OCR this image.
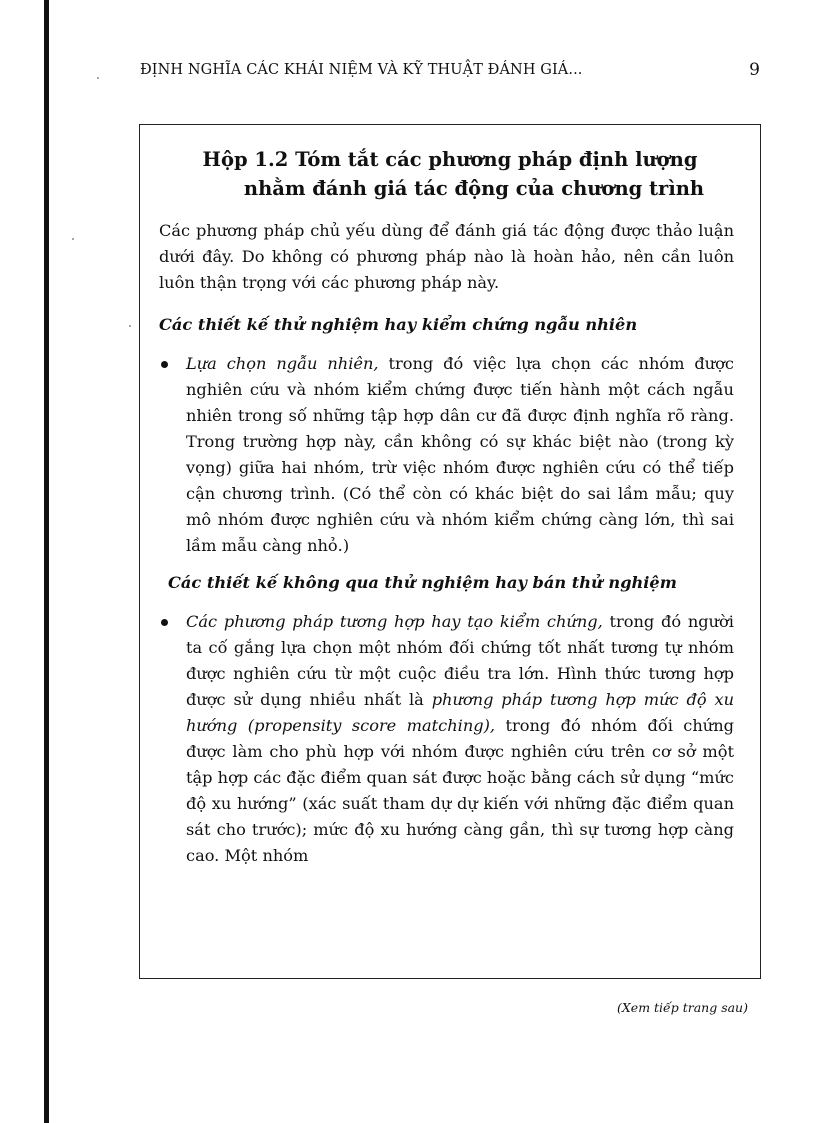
ĐỊNH NGHĨA CÁC KHÁI NIỆM VÀ KỸ THUẬT ĐÁNH GIÁ...	9
Hộp 1.2 Tóm tắt các phương pháp định lượng
nhằm đánh giá tác động của chương trình

Các phương pháp chủ yếu dùng để đánh giá tác động được thảo luận dưới đây. Do không có phương pháp nào là hoàn hảo, nên cần luôn luôn thận trọng với các phương pháp này.

Các thiết kế thử nghiệm hay kiểm chứng ngẫu nhiên

Lựa chọn ngẫu nhiên, trong đó việc lựa chọn các nhóm được nghiên cứu và nhóm kiểm chứng được tiến hành một cách ngẫu nhiên trong số những tập hợp dân cư đã được định nghĩa rõ ràng. Trong trường hợp này, cần không có sự khác biệt nào (trong kỳ vọng) giữa hai nhóm, trừ việc nhóm được nghiên cứu có thể tiếp cận chương trình. (Có thể còn có khác biệt do sai lầm mẫu; quy mô nhóm được nghiên cứu và nhóm kiểm chứng càng lớn, thì sai lầm mẫu càng nhỏ.)

Các thiết kế không qua thử nghiệm hay bán thử nghiệm

Các phương pháp tương hợp hay tạo kiểm chứng, trong đó người ta cố gắng lựa chọn một nhóm đối chứng tốt nhất tương tự nhóm được nghiên cứu từ một cuộc điều tra lớn. Hình thức tương hợp được sử dụng nhiều nhất là phương pháp tương hợp mức độ xu hướng (propensity score matching), trong đó nhóm đối chứng được làm cho phù hợp với nhóm được nghiên cứu trên cơ sở một tập hợp các đặc điểm quan sát được hoặc bằng cách sử dụng “mức độ xu hướng” (xác suất tham dự dự kiến với những đặc điểm quan sát cho trước); mức độ xu hướng càng gần, thì sự tương hợp càng cao. Một nhóm

(Xem tiếp trang sau)
